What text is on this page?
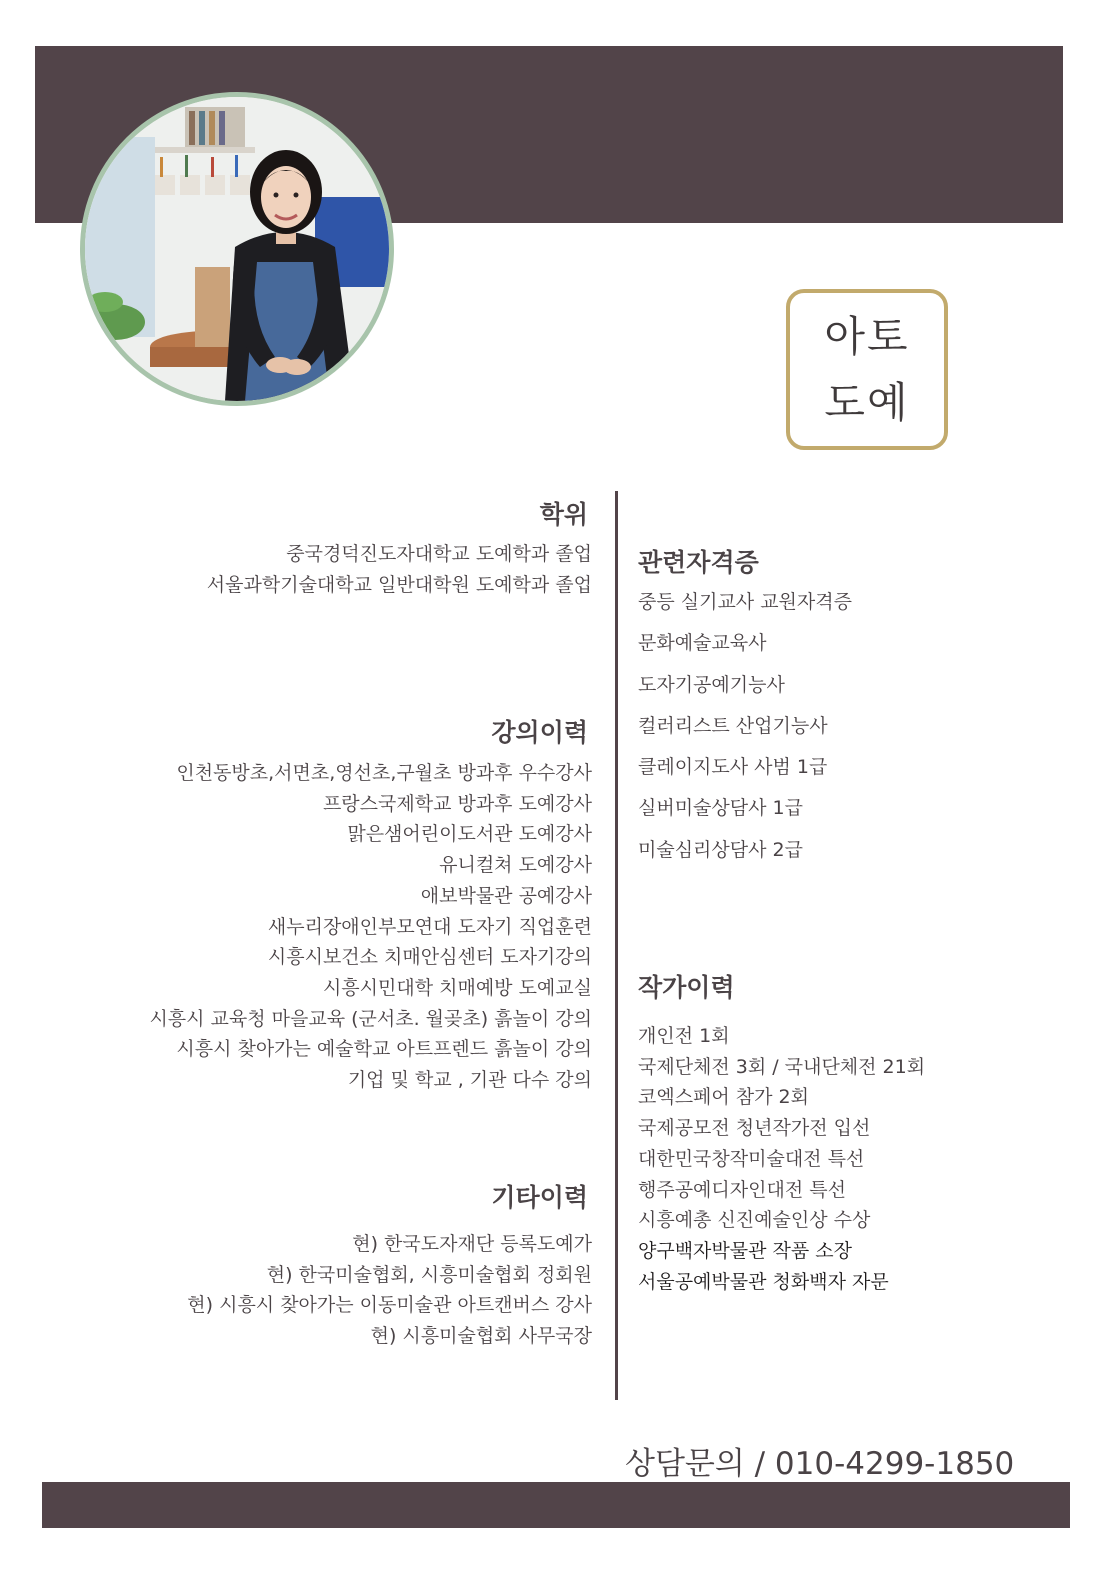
아토
도예
학위
중국경덕진도자대학교 도예학과 졸업
서울과학기술대학교 일반대학원 도예학과 졸업
강의이력
인천동방초,서면초,영선초,구월초 방과후 우수강사
프랑스국제학교 방과후 도예강사
맑은샘어린이도서관 도예강사
유니컬쳐 도예강사
애보박물관 공예강사
새누리장애인부모연대 도자기 직업훈련
시흥시보건소 치매안심센터 도자기강의
시흥시민대학 치매예방 도예교실
시흥시 교육청 마을교육 (군서초. 월곶초) 흙놀이 강의
시흥시 찾아가는 예술학교 아트프렌드 흙놀이 강의
기업 및 학교 , 기관 다수 강의
기타이력
현) 한국도자재단 등록도예가
현) 한국미술협회, 시흥미술협회 정회원
현) 시흥시 찾아가는 이동미술관 아트캔버스 강사
현) 시흥미술협회 사무국장
관련자격증
중등 실기교사 교원자격증
문화예술교육사
도자기공예기능사
컬러리스트 산업기능사
클레이지도사 사범 1급
실버미술상담사 1급
미술심리상담사 2급
작가이력
개인전 1회
국제단체전 3회 / 국내단체전 21회
코엑스페어 참가 2회
국제공모전 청년작가전 입선
대한민국창작미술대전 특선
행주공예디자인대전 특선
시흥예총 신진예술인상 수상
양구백자박물관 작품 소장
서울공예박물관 청화백자 자문
상담문의 / 010-4299-1850
